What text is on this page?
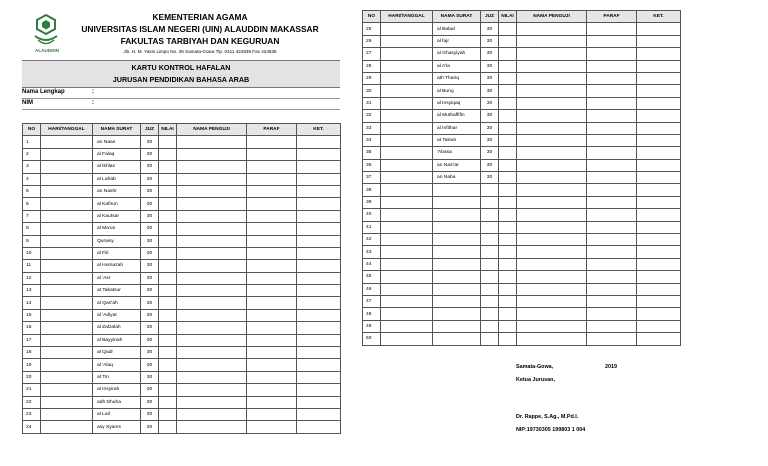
ALAUDDIN
KEMENTERIAN AGAMA
UNIVERSITAS ISLAM NEGERI (UIN) ALAUDDIN MAKASSAR
FAKULTAS TARBIYAH DAN KEGURUAN
Jln. H. M. Yasin Limpo No. 36 Samata-Gowa Tlp. 0411 424835 Fax 424836
KARTU KONTROL HAFALAN
JURUSAN PENDIDIKAN BAHASA ARAB
Nama Lengkap	:
NIM	:
NO	HARI/TANGGAL	NAMA SURAT	JUZ	NILAI	NAMA PENGUJI	PARAF	KET.
1		an Naas	30				
2		al Falaq	30				
3		al Ikhlas	30				
4		al Lahab	30				
5		an Nashr	30				
6		al Kafirun	30				
7		al Kautsar	30				
8		al Ma'un	30				
9		Quraisy	30				
10		al Fiil	30				
11		al Humazah	30				
12		al 'Asr	30				
13		at Takatsur	30				
14		al Qari'ah	30				
15		al 'Adiyat	30				
16		al Zalzalah	30				
17		al Bayyinah	30				
18		al Qadr	30				
19		al 'Alaq	30				
20		at Tin	30				
21		al Insyirah	30				
22		adh Dhuha	30				
23		al Lail	30				
24		asy Syams	30				
NO	HARI/TANGGAL	NAMA SURAT	JUZ	NILAI	NAMA PENGUJI	PARAF	KET.
25		al Balad	30				
26		al fajr	30				
27		al Ghasyiyah	30				
28		al A'la	30				
29		ath Thariq	30				
30		al Buruj	30				
31		al Insyiqaq	30				
32		al Muthaffifin	30				
33		al Infithar	30				
34		at Takwir	30				
35		'Abasa	30				
36		an Nazi'at	30				
37		an Naba	30				
38							
39							
40							
41							
42							
43							
44							
45							
46							
47							
48							
49							
50							
Samata-Gowa,	2019
Ketua Jurusan,
Dr. Rappe, S.Ag., M.Pd.I.
NIP:19730305 199803 1 004
